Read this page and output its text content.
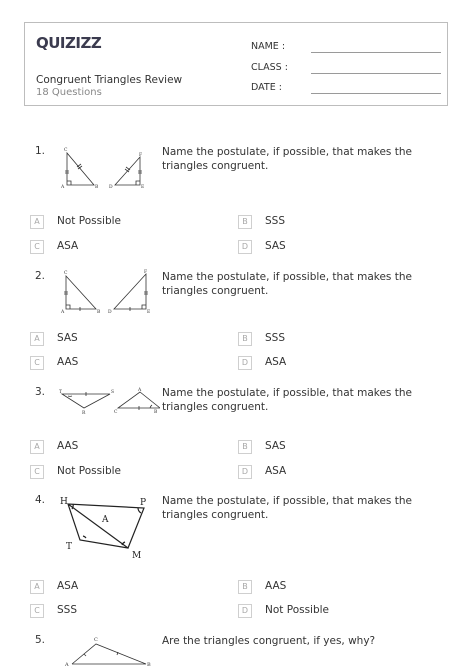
QUIZIZZ
Congruent Triangles Review
18 Questions
NAME :
CLASS :
DATE :
1.	Name the postulate, if possible, that makes the triangles congruent.
C
A	B
F
D	E
A	Not Possible	B	SSS
C	ASA	D	SAS
2.	Name the postulate, if possible, that makes the triangles congruent.
C
A	B
F
D	E
A	SAS	B	SSS
C	AAS	D	ASA
3.	Name the postulate, if possible, that makes the triangles congruent.
T	S
R
A
C	B
A	AAS	B	SAS
C	Not Possible	D	ASA
4.	Name the postulate, if possible, that makes the triangles congruent.
H	P
A
T
M
A	ASA	B	AAS
C	SSS	D	Not Possible
5.	Are the triangles congruent, if yes, why?
C
A	B
